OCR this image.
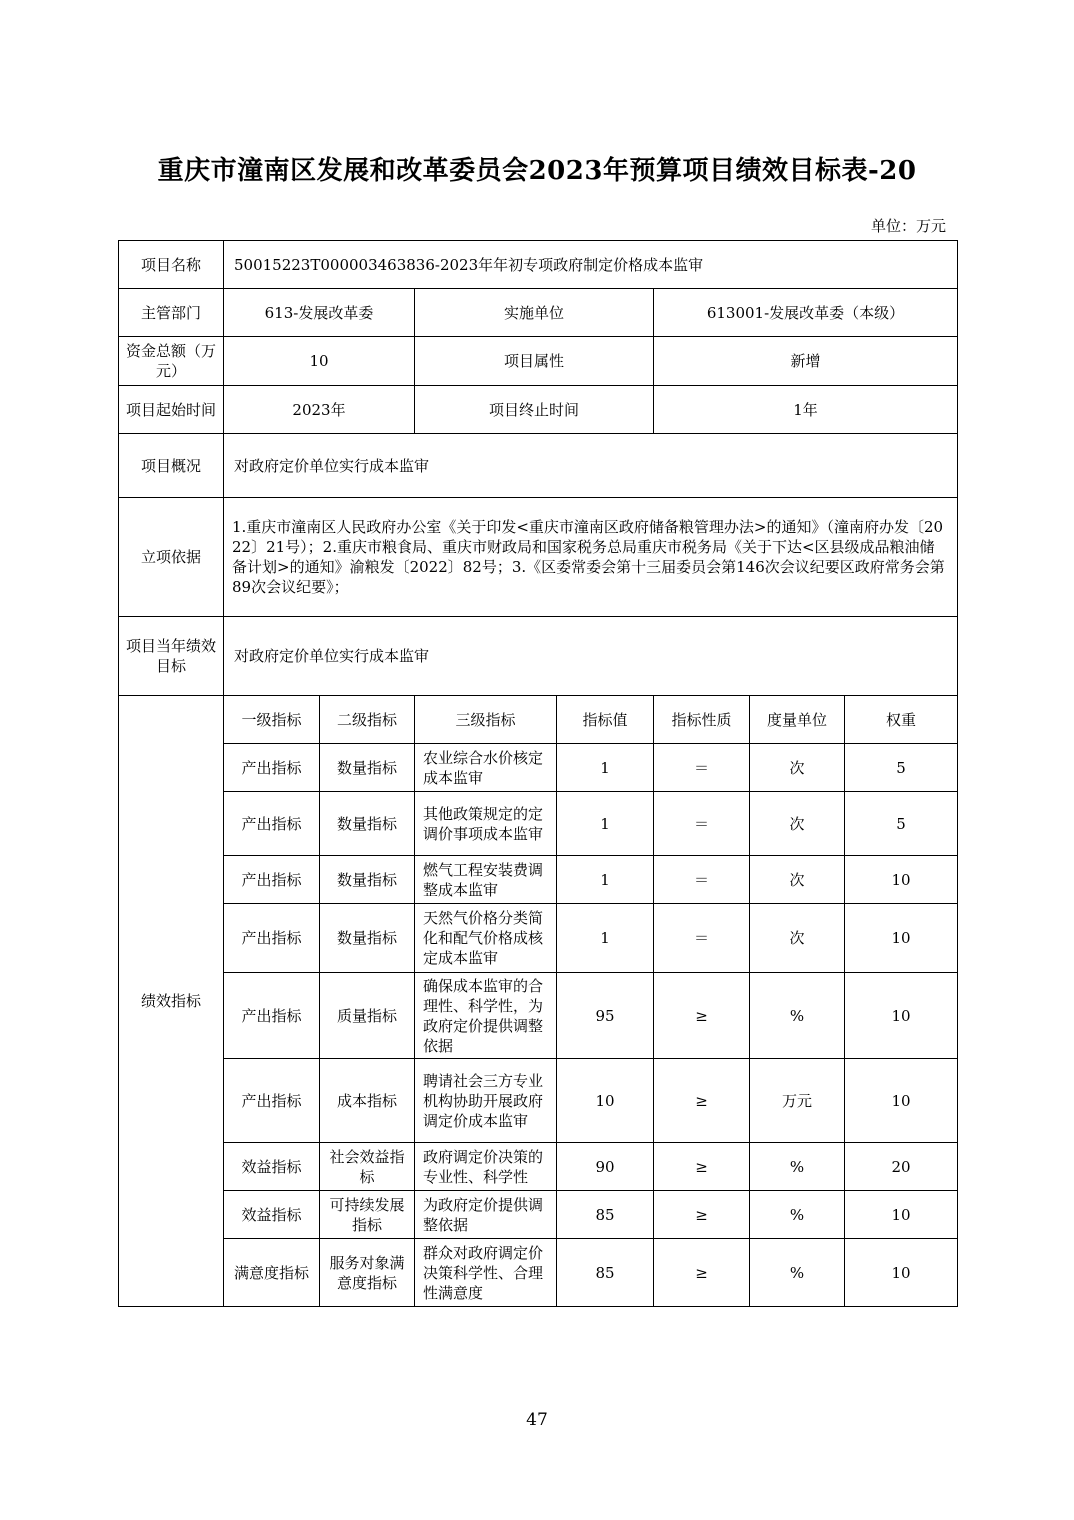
重庆市潼南区发展和改革委员会2023年预算项目绩效目标表-20
单位：万元
项目名称	50015223T000003463836-2023年年初专项政府制定价格成本监审						
主管部门	613-发展改革委		实施单位		613001-发展改革委（本级）		
资金总额（万元）	10		项目属性		新增		
项目起始时间	2023年		项目终止时间		1年		
项目概况	对政府定价单位实行成本监审						
立项依据	1.重庆市潼南区人民政府办公室《关于印发<重庆市潼南区政府储备粮管理办法>的通知》（潼南府办发〔2022〕21号）；2.重庆市粮食局、重庆市财政局和国家税务总局重庆市税务局《关于下达<区县级成品粮油储备计划>的通知》渝粮发〔2022〕82号；3.《区委常委会第十三届委员会第146次会议纪要区政府常务会第89次会议纪要》；						
项目当年绩效目标	对政府定价单位实行成本监审						
绩效指标	一级指标	二级指标	三级指标	指标值	指标性质	度量单位	权重
	产出指标	数量指标	农业综合水价核定成本监审	1	＝	次	5
	产出指标	数量指标	其他政策规定的定调价事项成本监审	1	＝	次	5
	产出指标	数量指标	燃气工程安装费调整成本监审	1	＝	次	10
	产出指标	数量指标	天然气价格分类简化和配气价格成核定成本监审	1	＝	次	10
	产出指标	质量指标	确保成本监审的合理性、科学性，为政府定价提供调整依据	95	≥	%	10
	产出指标	成本指标	聘请社会三方专业机构协助开展政府调定价成本监审	10	≥	万元	10
	效益指标	社会效益指标	政府调定价决策的专业性、科学性	90	≥	%	20
	效益指标	可持续发展指标	为政府定价提供调整依据	85	≥	%	10
	满意度指标	服务对象满意度指标	群众对政府调定价决策科学性、合理性满意度	85	≥	%	10
47
